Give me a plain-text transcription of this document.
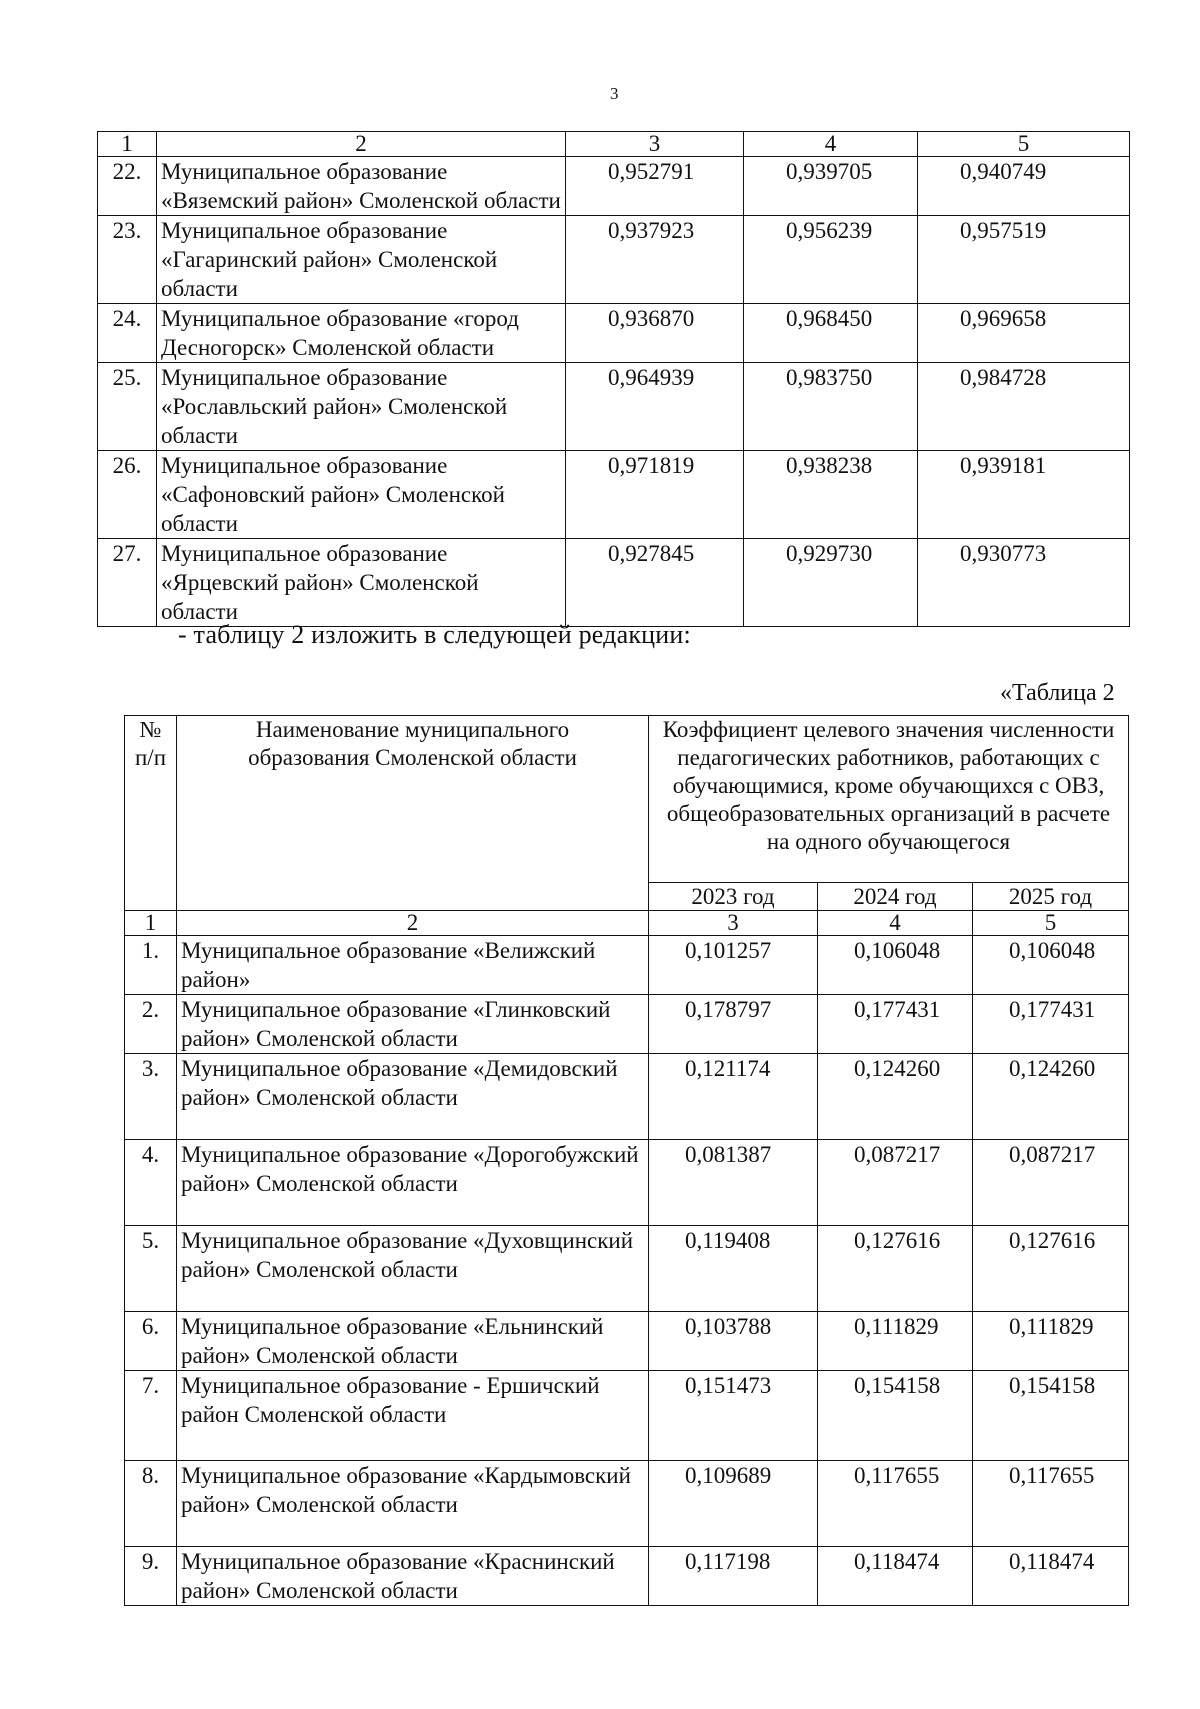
3
1	2	3	4	5
22.	Муниципальное образование «Вяземский район» Смоленской области	0,952791	0,939705	0,940749
23.	Муниципальное образование «Гагаринский район» Смоленской области	0,937923	0,956239	0,957519
24.	Муниципальное образование «город Десногорск» Смоленской области	0,936870	0,968450	0,969658
25.	Муниципальное образование «Рославльский район» Смоленской области	0,964939	0,983750	0,984728
26.	Муниципальное образование «Сафоновский район» Смоленской области	0,971819	0,938238	0,939181
27.	Муниципальное образование «Ярцевский район» Смоленской области	0,927845	0,929730	0,930773
- таблицу 2 изложить в следующей редакции:
«Таблица 2
№ п/п	Наименование муниципального образования Смоленской области	Коэффициент целевого значения численности педагогических работников, работающих с обучающимися, кроме обучающихся с ОВЗ, общеобразовательных организаций в расчете на одного обучающегося		
		2023 год	2024 год	2025 год
1	2	3	4	5
1.	Муниципальное образование «Велижский район»	0,101257	0,106048	0,106048
2.	Муниципальное образование «Глинковский район» Смоленской области	0,178797	0,177431	0,177431
3.	Муниципальное образование «Демидовский район» Смоленской области	0,121174	0,124260	0,124260
4.	Муниципальное образование «Дорогобужский район» Смоленской области	0,081387	0,087217	0,087217
5.	Муниципальное образование «Духовщинский район» Смоленской области	0,119408	0,127616	0,127616
6.	Муниципальное образование «Ельнинский район» Смоленской области	0,103788	0,111829	0,111829
7.	Муниципальное образование - Ершичский район Смоленской области	0,151473	0,154158	0,154158
8.	Муниципальное образование «Кардымовский район» Смоленской области	0,109689	0,117655	0,117655
9.	Муниципальное образование «Краснинский район» Смоленской области	0,117198	0,118474	0,118474
